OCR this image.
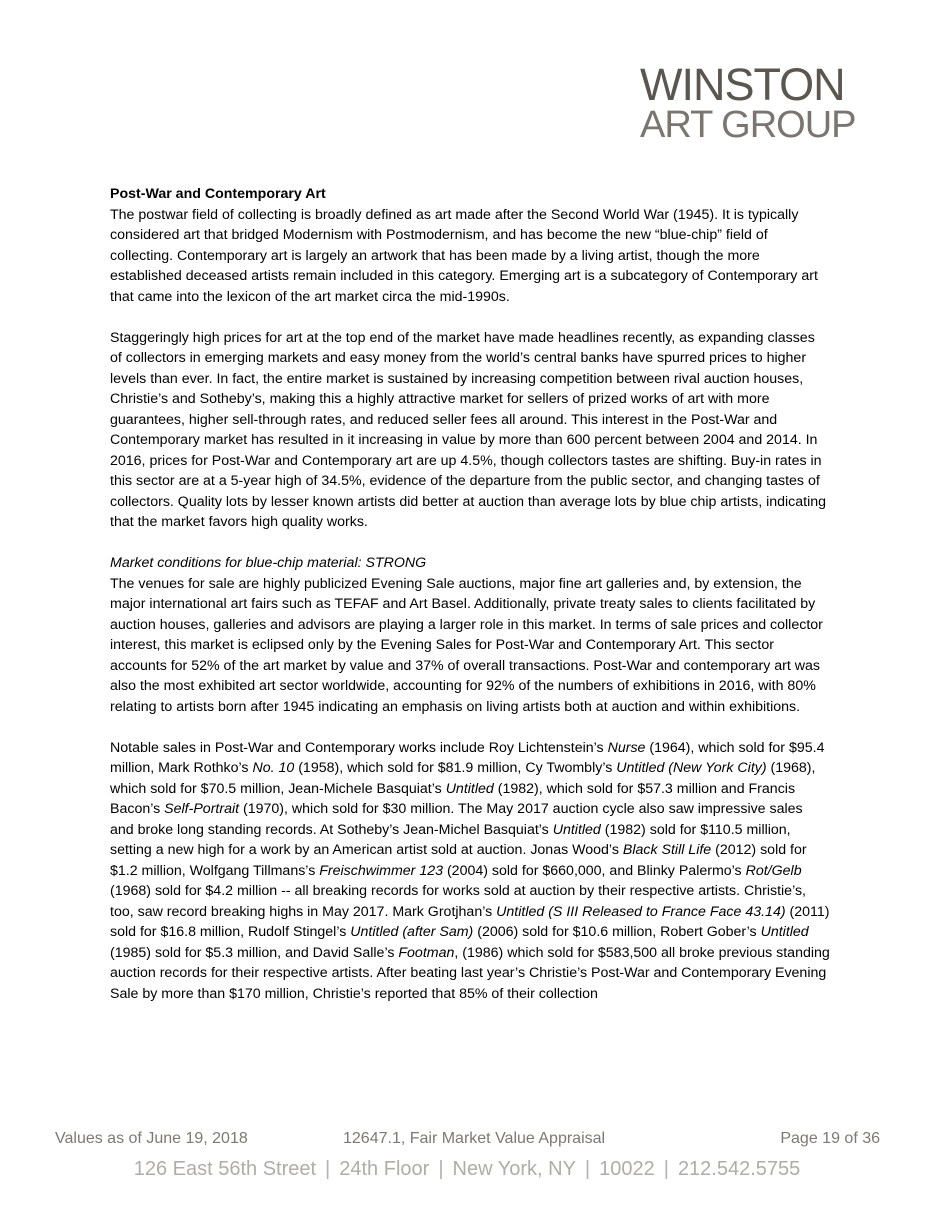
WINSTON
ART GROUP
Post-War and Contemporary Art

The postwar field of collecting is broadly defined as art made after the Second World War (1945). It is typically considered art that bridged Modernism with Postmodernism, and has become the new “blue-chip” field of collecting. Contemporary art is largely an artwork that has been made by a living artist, though the more established deceased artists remain included in this category. Emerging art is a subcategory of Contemporary art that came into the lexicon of the art market circa the mid-1990s.

Staggeringly high prices for art at the top end of the market have made headlines recently, as expanding classes of collectors in emerging markets and easy money from the world’s central banks have spurred prices to higher levels than ever. In fact, the entire market is sustained by increasing competition between rival auction houses, Christie’s and Sotheby’s, making this a highly attractive market for sellers of prized works of art with more guarantees, higher sell-through rates, and reduced seller fees all around. This interest in the Post-War and Contemporary market has resulted in it increasing in value by more than 600 percent between 2004 and 2014. In 2016, prices for Post-War and Contemporary art are up 4.5%, though collectors tastes are shifting. Buy-in rates in this sector are at a 5-year high of 34.5%, evidence of the departure from the public sector, and changing tastes of collectors. Quality lots by lesser known artists did better at auction than average lots by blue chip artists, indicating that the market favors high quality works.

Market conditions for blue-chip material: STRONG

The venues for sale are highly publicized Evening Sale auctions, major fine art galleries and, by extension, the major international art fairs such as TEFAF and Art Basel. Additionally, private treaty sales to clients facilitated by auction houses, galleries and advisors are playing a larger role in this market. In terms of sale prices and collector interest, this market is eclipsed only by the Evening Sales for Post-War and Contemporary Art. This sector accounts for 52% of the art market by value and 37% of overall transactions. Post-War and contemporary art was also the most exhibited art sector worldwide, accounting for 92% of the numbers of exhibitions in 2016, with 80% relating to artists born after 1945 indicating an emphasis on living artists both at auction and within exhibitions.

Notable sales in Post-War and Contemporary works include Roy Lichtenstein’s Nurse (1964), which sold for $95.4 million, Mark Rothko’s No. 10 (1958), which sold for $81.9 million, Cy Twombly’s Untitled (New York City) (1968), which sold for $70.5 million, Jean-Michele Basquiat’s Untitled (1982), which sold for $57.3 million and Francis Bacon’s Self-Portrait (1970), which sold for $30 million. The May 2017 auction cycle also saw impressive sales and broke long standing records. At Sotheby’s Jean-Michel Basquiat’s Untitled (1982) sold for $110.5 million, setting a new high for a work by an American artist sold at auction. Jonas Wood’s Black Still Life (2012) sold for $1.2 million, Wolfgang Tillmans’s Freischwimmer 123 (2004) sold for $660,000, and Blinky Palermo’s Rot/Gelb (1968) sold for $4.2 million -- all breaking records for works sold at auction by their respective artists. Christie’s, too, saw record breaking highs in May 2017. Mark Grotjhan’s Untitled (S III Released to France Face 43.14) (2011) sold for $16.8 million, Rudolf Stingel’s Untitled (after Sam) (2006) sold for $10.6 million, Robert Gober’s Untitled (1985) sold for $5.3 million, and David Salle’s Footman, (1986) which sold for $583,500 all broke previous standing auction records for their respective artists. After beating last year’s Christie’s Post-War and Contemporary Evening Sale by more than $170 million, Christie’s reported that 85% of their collection

Values as of June 19, 2018	12647.1, Fair Market Value Appraisal	Page 19 of 36
126 East 56th Street | 24th Floor | New York, NY | 10022 | 212.542.5755
